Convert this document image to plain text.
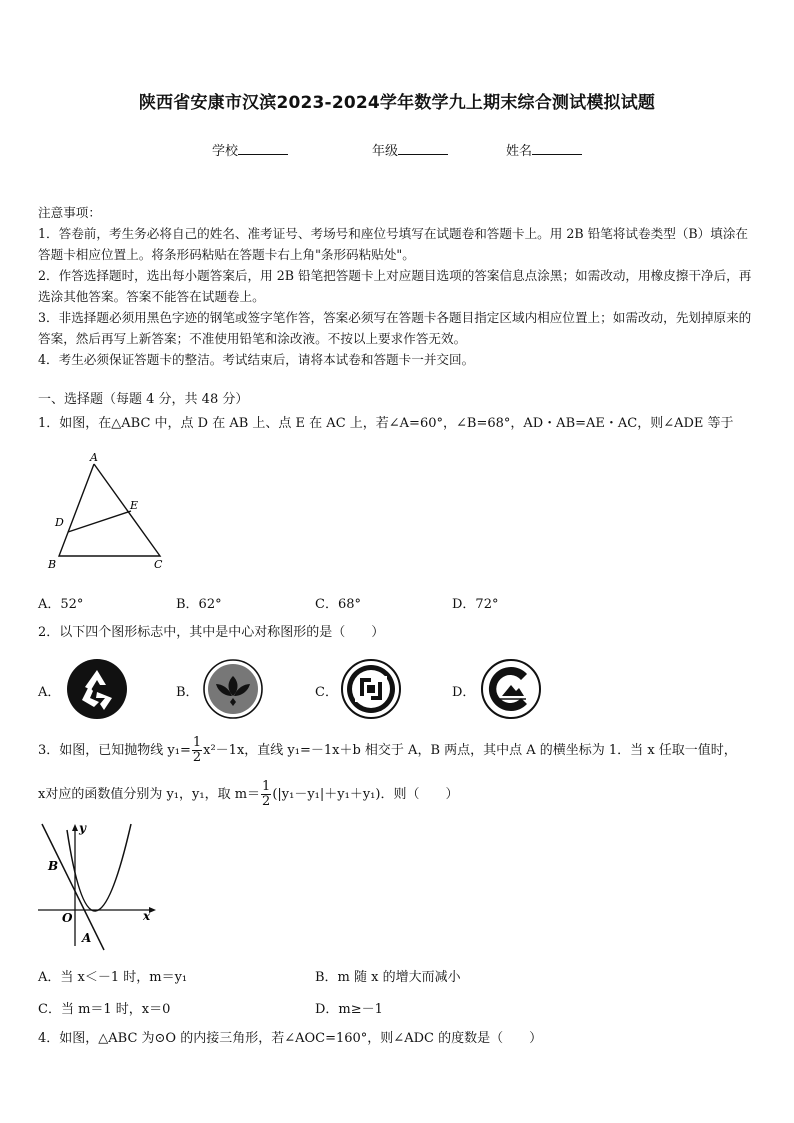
陕西省安康市汉滨2023-2024学年数学九上期末综合测试模拟试题
学校	年级	姓名

注意事项：

1．答卷前，考生务必将自己的姓名、准考证号、考场号和座位号填写在试题卷和答题卡上。用 2B 铅笔将试卷类型（B）填涂在答题卡相应位置上。将条形码粘贴在答题卡右上角"条形码粘贴处"。

2．作答选择题时，选出每小题答案后，用 2B 铅笔把答题卡上对应题目选项的答案信息点涂黑；如需改动，用橡皮擦干净后，再选涂其他答案。答案不能答在试题卷上。

3．非选择题必须用黑色字迹的钢笔或签字笔作答，答案必须写在答题卡各题目指定区域内相应位置上；如需改动，先划掉原来的答案，然后再写上新答案；不准使用铅笔和涂改液。不按以上要求作答无效。

4．考生必须保证答题卡的整洁。考试结束后，请将本试卷和答题卡一并交回。

一、选择题（每题 4 分，共 48 分）
1．如图，在△ABC 中，点 D 在 AB 上、点 E 在 AC 上，若∠A=60°，∠B=68°，AD・AB=AE・AC，则∠ADE 等于
A
B	C
D
E
A．52°	B．62°	C．68°	D．72°
2．以下四个图形标志中，其中是中心对称图形的是（　　）
A．	B．	C．	D．
3．如图，已知抛物线 $y_1= \frac{1}{2} x^2-1x$，直线 y₁=－1x＋b 相交于 A，B 两点，其中点 A 的横坐标为 1．当 x 任取一值时，
x对应的函数值分别为 y₁，y₁，取 $m= \frac{1}{2} (|y_1-y_1|+y_1+y_1)$．则（　　）
y
x
O
B
A
A．当 x＜－1 时，m＝y₁	B．m 随 x 的增大而减小
C．当 m＝1 时，x＝0	D．m≥－1
4．如图，△ABC 为⊙O 的内接三角形，若∠AOC=160°，则∠ADC 的度数是（　　）
